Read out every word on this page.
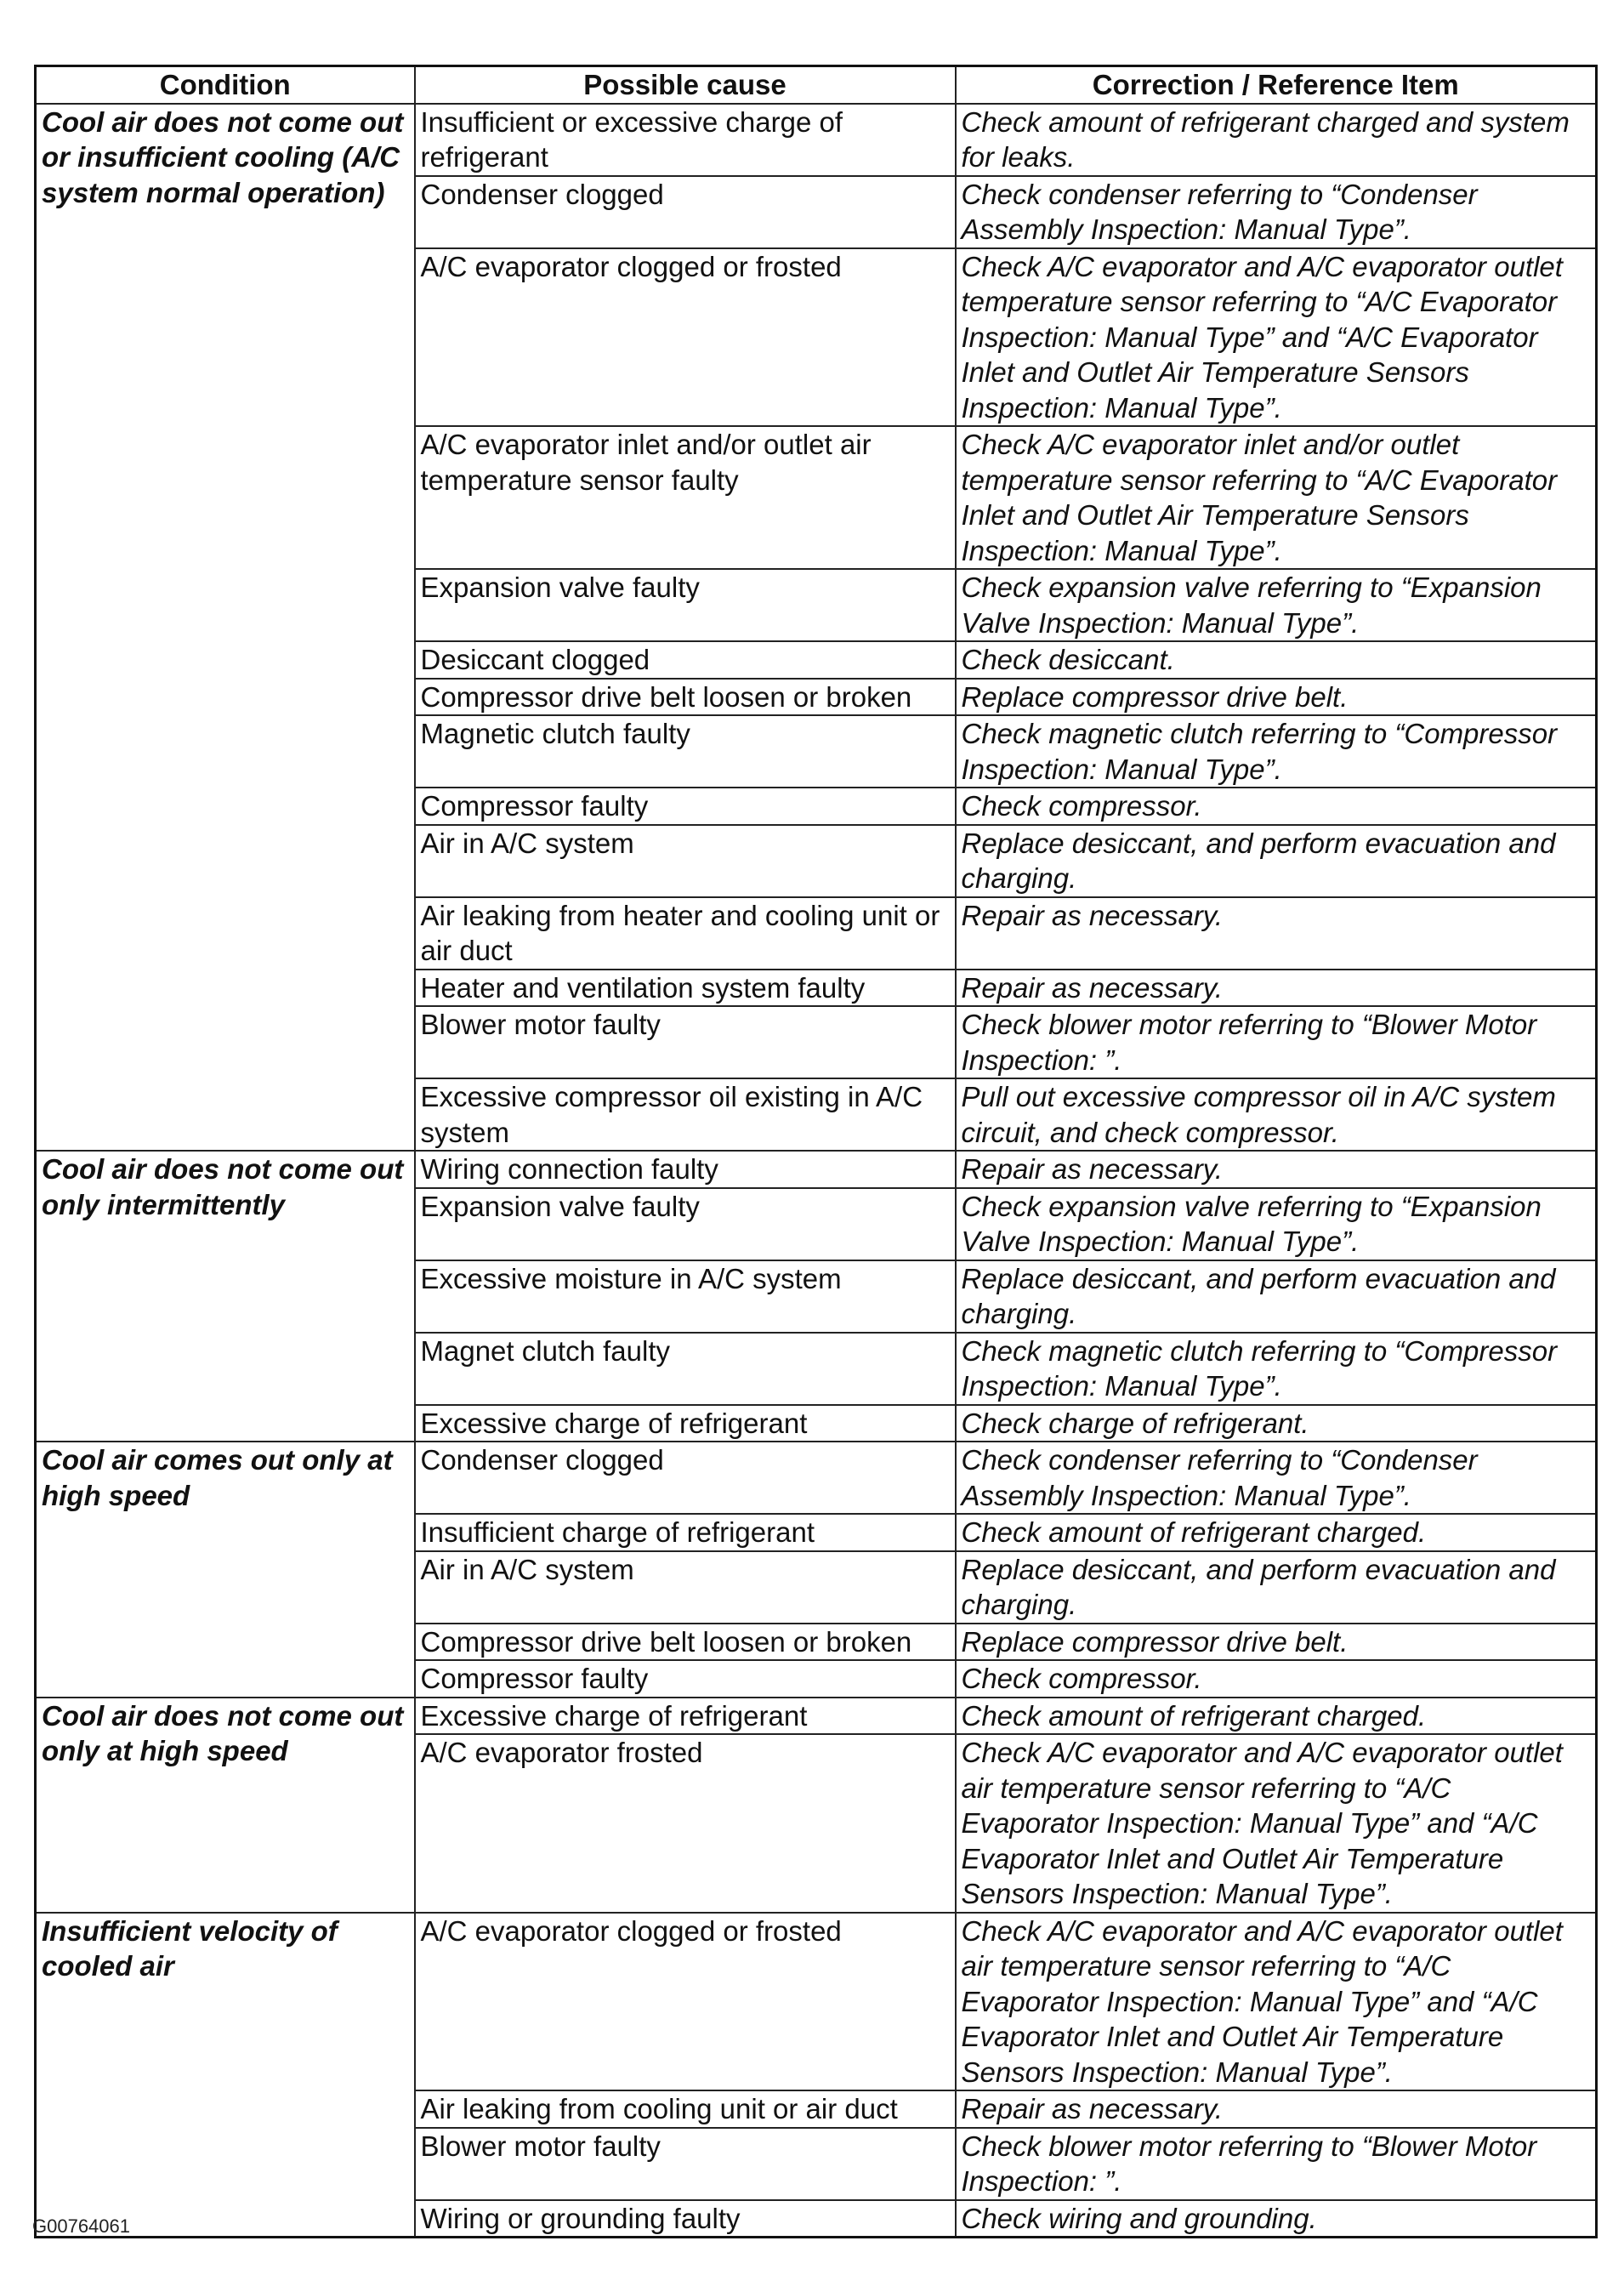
Condition	Possible cause	Correction / Reference Item
Cool air does not come out or insufficient cooling (A/C system normal operation)	Insufficient or excessive charge of refrigerant	Check amount of refrigerant charged and system for leaks.
	Condenser clogged	Check condenser referring to “Condenser Assembly Inspection: Manual Type”.
	A/C evaporator clogged or frosted	Check A/C evaporator and A/C evaporator outlet temperature sensor referring to “A/C Evaporator Inspection: Manual Type” and “A/C Evaporator Inlet and Outlet Air Temperature Sensors Inspection: Manual Type”.
	A/C evaporator inlet and/or outlet air temperature sensor faulty	Check A/C evaporator inlet and/or outlet temperature sensor referring to “A/C Evaporator Inlet and Outlet Air Temperature Sensors Inspection: Manual Type”.
	Expansion valve faulty	Check expansion valve referring to “Expansion Valve Inspection: Manual Type”.
	Desiccant clogged	Check desiccant.
	Compressor drive belt loosen or broken	Replace compressor drive belt.
	Magnetic clutch faulty	Check magnetic clutch referring to “Compressor Inspection: Manual Type”.
	Compressor faulty	Check compressor.
	Air in A/C system	Replace desiccant, and perform evacuation and charging.
	Air leaking from heater and cooling unit or air duct	Repair as necessary.
	Heater and ventilation system faulty	Repair as necessary.
	Blower motor faulty	Check blower motor referring to “Blower Motor Inspection: ”.
	Excessive compressor oil existing in A/C system	Pull out excessive compressor oil in A/C system circuit, and check compressor.
Cool air does not come out only intermittently	Wiring connection faulty	Repair as necessary.
	Expansion valve faulty	Check expansion valve referring to “Expansion Valve Inspection: Manual Type”.
	Excessive moisture in A/C system	Replace desiccant, and perform evacuation and charging.
	Magnet clutch faulty	Check magnetic clutch referring to “Compressor Inspection: Manual Type”.
	Excessive charge of refrigerant	Check charge of refrigerant.
Cool air comes out only at high speed	Condenser clogged	Check condenser referring to “Condenser Assembly Inspection: Manual Type”.
	Insufficient charge of refrigerant	Check amount of refrigerant charged.
	Air in A/C system	Replace desiccant, and perform evacuation and charging.
	Compressor drive belt loosen or broken	Replace compressor drive belt.
	Compressor faulty	Check compressor.
Cool air does not come out only at high speed	Excessive charge of refrigerant	Check amount of refrigerant charged.
	A/C evaporator frosted	Check A/C evaporator and A/C evaporator outlet air temperature sensor referring to “A/C Evaporator Inspection: Manual Type” and “A/C Evaporator Inlet and Outlet Air Temperature Sensors Inspection: Manual Type”.
Insufficient velocity of cooled air	A/C evaporator clogged or frosted	Check A/C evaporator and A/C evaporator outlet air temperature sensor referring to “A/C Evaporator Inspection: Manual Type” and “A/C Evaporator Inlet and Outlet Air Temperature Sensors Inspection: Manual Type”.
	Air leaking from cooling unit or air duct	Repair as necessary.
	Blower motor faulty	Check blower motor referring to “Blower Motor Inspection: ”.
	Wiring or grounding faulty	Check wiring and grounding.
G00764061
